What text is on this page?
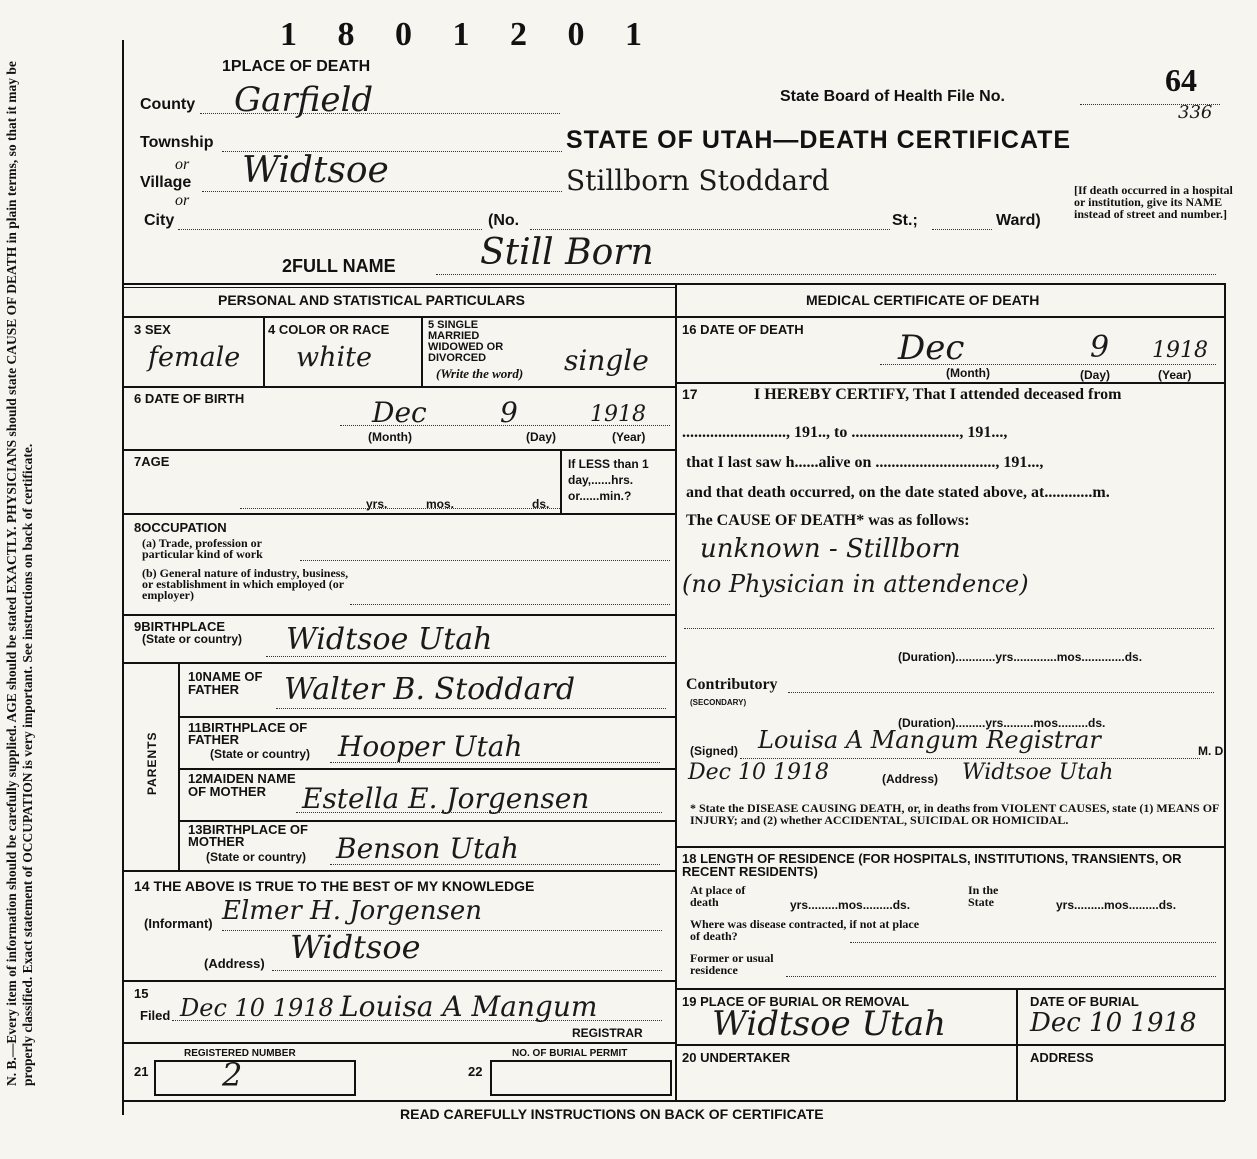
N. B.—Every item of information should be carefully supplied. AGE should be stated EXACTLY. PHYSICIANS should state CAUSE OF DEATH in plain terms, so that it may be properly classified. Exact statement of OCCUPATION is very important. See instructions on back of certificate.
1 8 0 1 2 0 1
1PLACE OF DEATH
County Garfield
Township
or
Village Widtsoe
or
City	(No.	St.;	Ward)
State Board of Health File No.	64
336
STATE OF UTAH—DEATH CERTIFICATE
Stillborn Stoddard	[If death occurred in a hospital or institution, give its NAME instead of street and number.]
2FULL NAME Still Born
PERSONAL AND STATISTICAL PARTICULARS
3 SEX
female
4 COLOR OR RACE
white
5 SINGLE MARRIED WIDOWED OR DIVORCED
(Write the word) single
6 DATE OF BIRTH	Dec	9	1918
(Month)	(Day)	(Year)
7AGE
yrs.	mos.	ds.
If LESS than 1 day,......hrs. or......min.?
8OCCUPATION
(a) Trade, profession or particular kind of work
(b) General nature of industry, business, or establishment in which employed (or employer)
9BIRTHPLACE
(State or country) Widtsoe Utah
PARENTS
10NAME OF FATHER	Walter B. Stoddard
11BIRTHPLACE OF FATHER
(State or country) Hooper Utah
12MAIDEN NAME OF MOTHER	Estella E. Jorgensen
13BIRTHPLACE OF MOTHER
(State or country) Benson Utah
14 THE ABOVE IS TRUE TO THE BEST OF MY KNOWLEDGE
(Informant) Elmer H. Jorgensen
(Address) Widtsoe
15
Filed Dec 10 1918 Louisa A Mangum
REGISTRAR
REGISTERED NUMBER
21 2
NO. OF BURIAL PERMIT
22
MEDICAL CERTIFICATE OF DEATH
16 DATE OF DEATH	Dec	9 1918
(Month)	(Day)	(Year)
17	I HEREBY CERTIFY, That I attended deceased from
.........................., 191.., to ..........................., 191...,
that I last saw h......alive on .............................., 191...,
and that death occurred, on the date stated above, at............m.
The CAUSE OF DEATH* was as follows:
unknown - Stillborn
(no Physician in attendence)
(Duration)............yrs.............mos.............ds.
Contributory
(SECONDARY)
(Duration).........yrs.........mos.........ds.
(Signed) Louisa A Mangum Registrar	M. D.
Dec 10 1918	(Address) Widtsoe Utah
* State the DISEASE CAUSING DEATH, or, in deaths from VIOLENT CAUSES, state (1) MEANS OF INJURY; and (2) whether ACCIDENTAL, SUICIDAL OR HOMICIDAL.
18 LENGTH OF RESIDENCE (FOR HOSPITALS, INSTITUTIONS, TRANSIENTS, OR RECENT RESIDENTS)
At place of death	yrs.........mos.........ds.
In the State	yrs.........mos.........ds.
Where was disease contracted, if not at place of death?
Former or usual residence
19 PLACE OF BURIAL OR REMOVAL
Widtsoe Utah
DATE OF BURIAL
Dec 10 1918
20 UNDERTAKER	ADDRESS
READ CAREFULLY INSTRUCTIONS ON BACK OF CERTIFICATE
